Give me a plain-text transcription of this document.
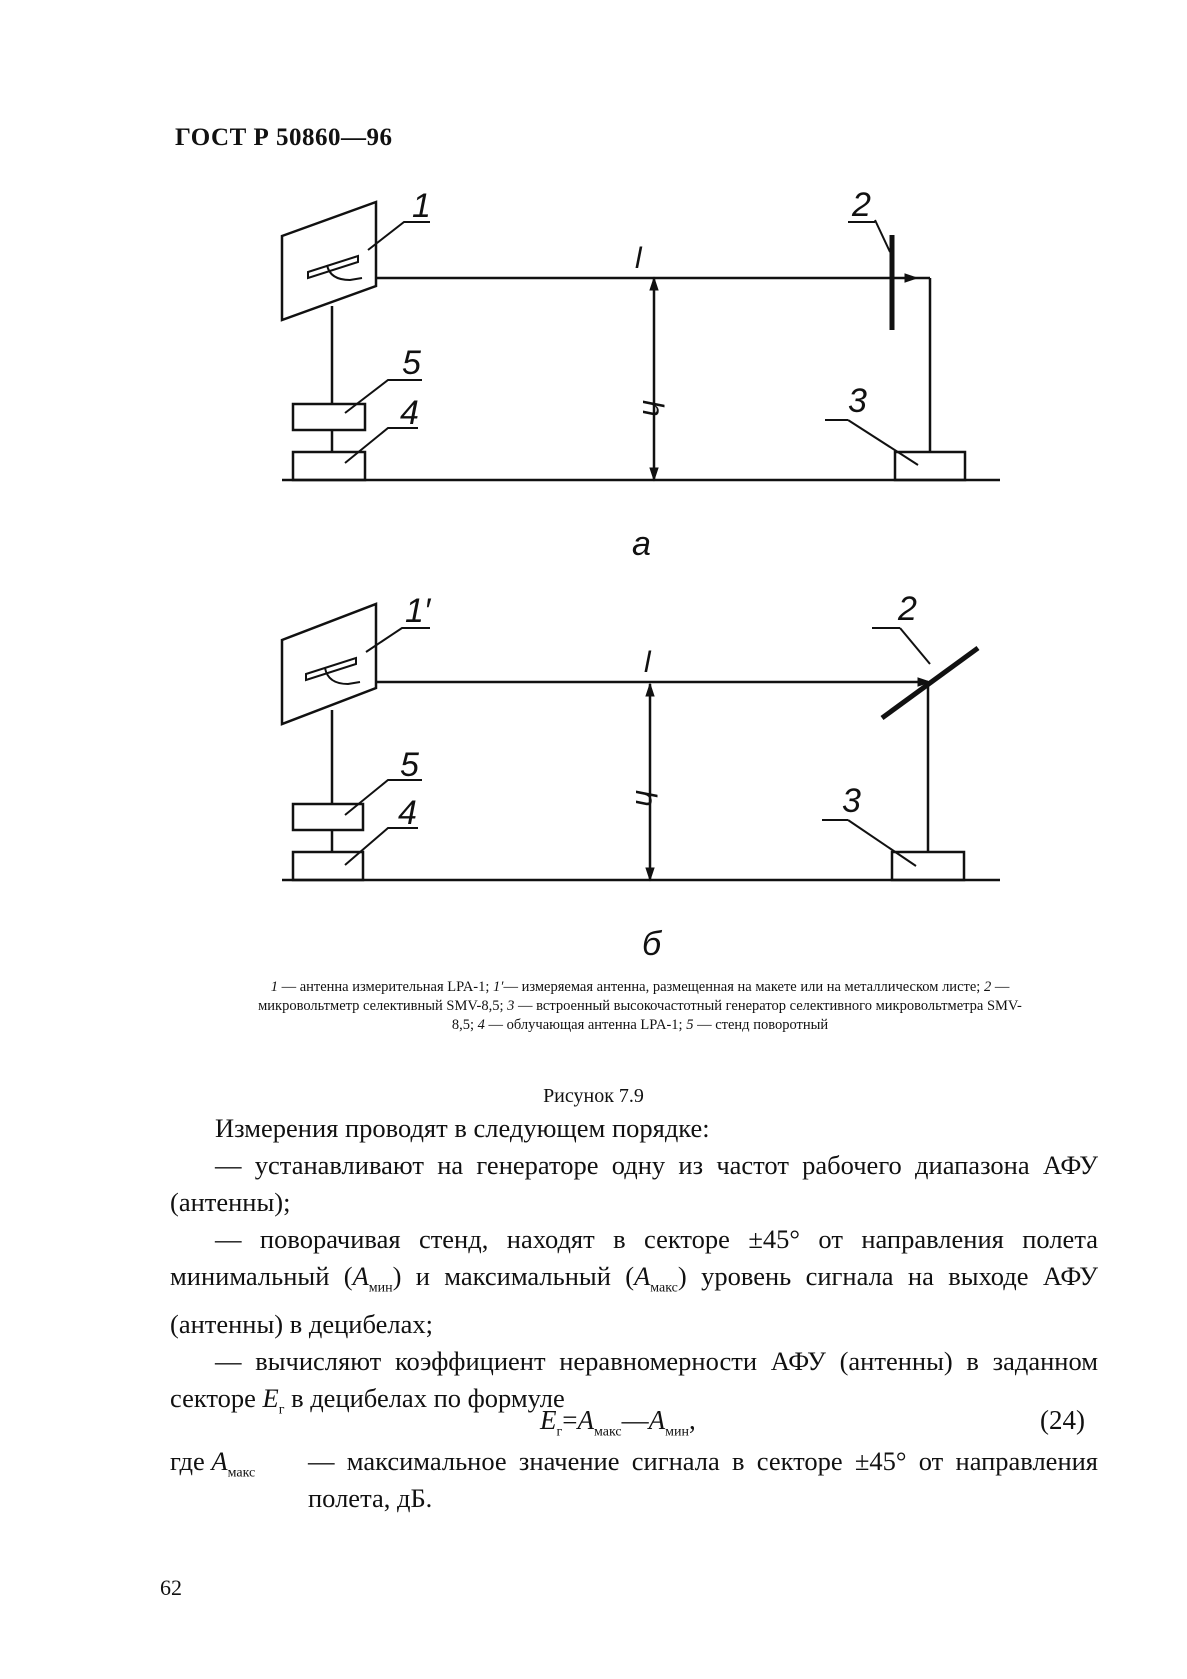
ГОСТ Р 50860—96
1	2
3
4
5
l
h
а
1′	2
3
4
5
l
h
б
1 — антенна измерительная LPA-1; 1′— измеряемая антенна, размещенная на макете или на металлическом листе; 2 — микровольтметр селективный SMV-8,5; 3 — встроенный высокочастотный генератор селективного микровольтметра SMV-8,5; 4 — облучающая антенна LPA-1; 5 — стенд поворотный
Рисунок 7.9

Измерения проводят в следующем порядке:

— устанавливают на генераторе одну из частот рабочего диапазона АФУ (антенны);

— поворачивая стенд, находят в секторе ±45° от направления полета минимальный $(A_{мин})$ и максимальный $(A_{макс})$ уровень сигнала на выходе АФУ (антенны) в децибелах;

— вычисляют коэффициент неравномерности АФУ (антенны) в заданном секторе $E_г$ в децибелах по формуле

$E_г=A_{макс}—A_{мин}$,	(24)
где $A_{макс}$ — максимальное значение сигнала в секторе ±45° от направления полета, дБ.
62
